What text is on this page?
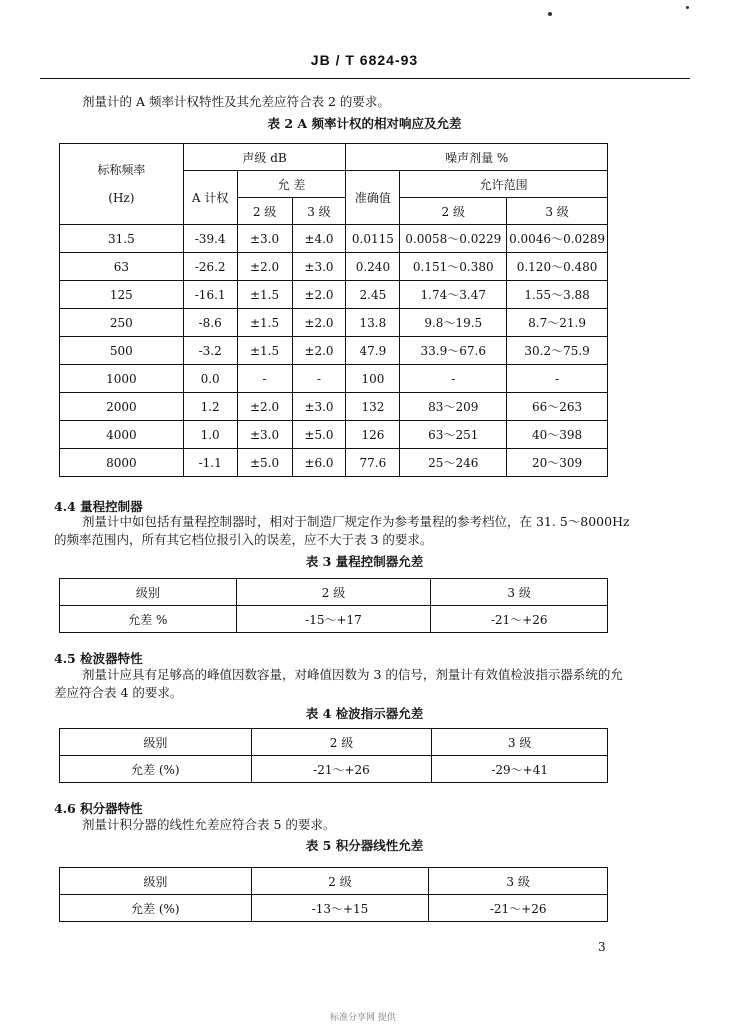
JB / T 6824-93
剂量计的 A 频率计权特性及其允差应符合表 2 的要求。
表 2 A 频率计权的相对响应及允差
标称频率
(Hz)	声级 dB			噪声剂量 %		
	A 计权	允 差		准确值	允许范围	
		2 级	3 级		2 级	3 级
31.5	-39.4	±3.0	±4.0	0.0115	0.0058～0.0229	0.0046～0.0289
63	-26.2	±2.0	±3.0	0.240	0.151～0.380	0.120～0.480
125	-16.1	±1.5	±2.0	2.45	1.74～3.47	1.55～3.88
250	-8.6	±1.5	±2.0	13.8	9.8～19.5	8.7～21.9
500	-3.2	±1.5	±2.0	47.9	33.9～67.6	30.2～75.9
1000	0.0	-	-	100	-	-
2000	1.2	±2.0	±3.0	132	83～209	66～263
4000	1.0	±3.0	±5.0	126	63～251	40～398
8000	-1.1	±5.0	±6.0	77.6	25～246	20～309
4.4 量程控制器
剂量计中如包括有量程控制器时，相对于制造厂规定作为参考量程的参考档位，在 31. 5～8000Hz
的频率范围内，所有其它档位报引入的误差，应不大于表 3 的要求。
表 3 量程控制器允差
级别	2 级	3 级
允差 %	-15～+17	-21～+26
4.5 检波器特性
剂量计应具有足够高的峰值因数容量，对峰值因数为 3 的信号，剂量计有效值检波指示器系统的允
差应符合表 4 的要求。
表 4 检波指示器允差
级别	2 级	3 级
允差 (%)	-21～+26	-29～+41
4.6 积分器特性
剂量计积分器的线性允差应符合表 5 的要求。
表 5 积分器线性允差
级别	2 级	3 级
允差 (%)	-13～+15	-21～+26
3
标准分享网 提供
